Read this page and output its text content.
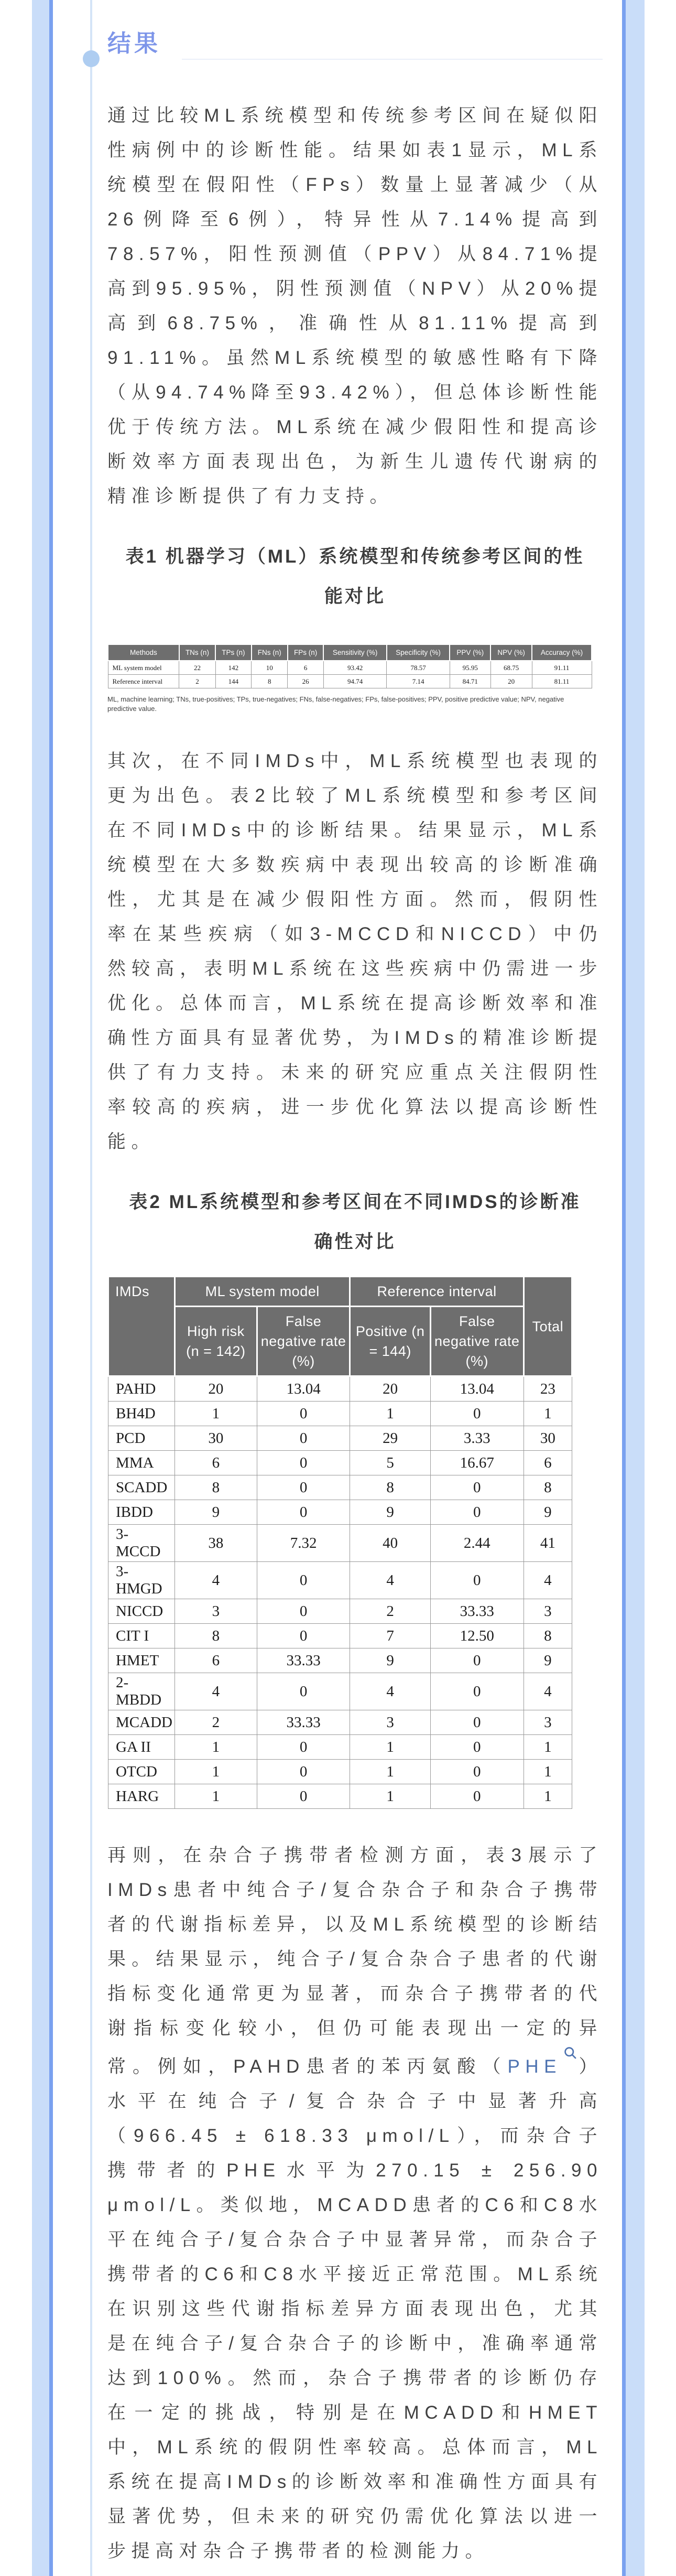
结果

通过比较ML系统模型和传统参考区间在疑似阳性病例中的诊断性能。结果如表1显示，ML系统模型在假阳性（FPs）数量上显著减少（从26例降至6例），特异性从7.14%提高到78.57%，阳性预测值（PPV）从84.71%提高到95.95%，阴性预测值（NPV）从20%提高到68.75%，准确性从81.11%提高到91.11%。虽然ML系统模型的敏感性略有下降（从94.74%降至93.42%），但总体诊断性能优于传统方法。ML系统在减少假阳性和提高诊断效率方面表现出色，为新生儿遗传代谢病的精准诊断提供了有力支持。

表1 机器学习（ML）系统模型和传统参考区间的性能对比

Methods	TNs (n)	TPs (n)	FNs (n)	FPs (n)	Sensitivity (%)	Specificity (%)	PPV (%)	NPV (%)	Accuracy (%)
ML system model	22	142	10	6	93.42	78.57	95.95	68.75	91.11
Reference interval	2	144	8	26	94.74	7.14	84.71	20	81.11

ML, machine learning; TNs, true-positives; TPs, true-negatives; FNs, false-negatives; FPs, false-positives; PPV, positive predictive value; NPV, negative predictive value.

其次，在不同IMDs中，ML系统模型也表现的更为出色。表2比较了ML系统模型和参考区间在不同IMDs中的诊断结果。结果显示，ML系统模型在大多数疾病中表现出较高的诊断准确性，尤其是在减少假阳性方面。然而，假阴性率在某些疾病（如3-MCCD和NICCD）中仍然较高，表明ML系统在这些疾病中仍需进一步优化。总体而言，ML系统在提高诊断效率和准确性方面具有显著优势，为IMDs的精准诊断提供了有力支持。未来的研究应重点关注假阴性率较高的疾病，进一步优化算法以提高诊断性能。

表2 ML系统模型和参考区间在不同IMDS的诊断准确性对比

IMDs	ML system model		Reference interval		Total
	High risk (n = 142)	False negative rate (%)	Positive (n = 144)	False negative rate (%)	
PAHD	20	13.04	20	13.04	23
BH4D	1	0	1	0	1
PCD	30	0	29	3.33	30
MMA	6	0	5	16.67	6
SCADD	8	0	8	0	8
IBDD	9	0	9	0	9
3-MCCD	38	7.32	40	2.44	41
3-HMGD	4	0	4	0	4
NICCD	3	0	2	33.33	3
CIT I	8	0	7	12.50	8
HMET	6	33.33	9	0	9
2-MBDD	4	0	4	0	4
MCADD	2	33.33	3	0	3
GA II	1	0	1	0	1
OTCD	1	0	1	0	1
HARG	1	0	1	0	1

再则，在杂合子携带者检测方面，表3展示了IMDs患者中纯合子/复合杂合子和杂合子携带者的代谢指标差异，以及ML系统模型的诊断结果。结果显示，纯合子/复合杂合子患者的代谢指标变化通常更为显著，而杂合子携带者的代谢指标变化较小，但仍可能表现出一定的异常。例如，PAHD患者的苯丙氨酸（PHE ）水平在纯合子/复合杂合子中显著升高（966.45 ± 618.33 μmol/L），而杂合子携带者的PHE水平为270.15 ± 256.90 μmol/L。类似地，MCADD患者的C6和C8水平在纯合子/复合杂合子中显著异常，而杂合子携带者的C6和C8水平接近正常范围。ML系统在识别这些代谢指标差异方面表现出色，尤其是在纯合子/复合杂合子的诊断中，准确率通常达到100%。然而，杂合子携带者的诊断仍存在一定的挑战，特别是在MCADD和HMET中，ML系统的假阴性率较高。总体而言，ML系统在提高IMDs的诊断效率和准确性方面具有显著优势，但未来的研究仍需优化算法以进一步提高对杂合子携带者的检测能力。
